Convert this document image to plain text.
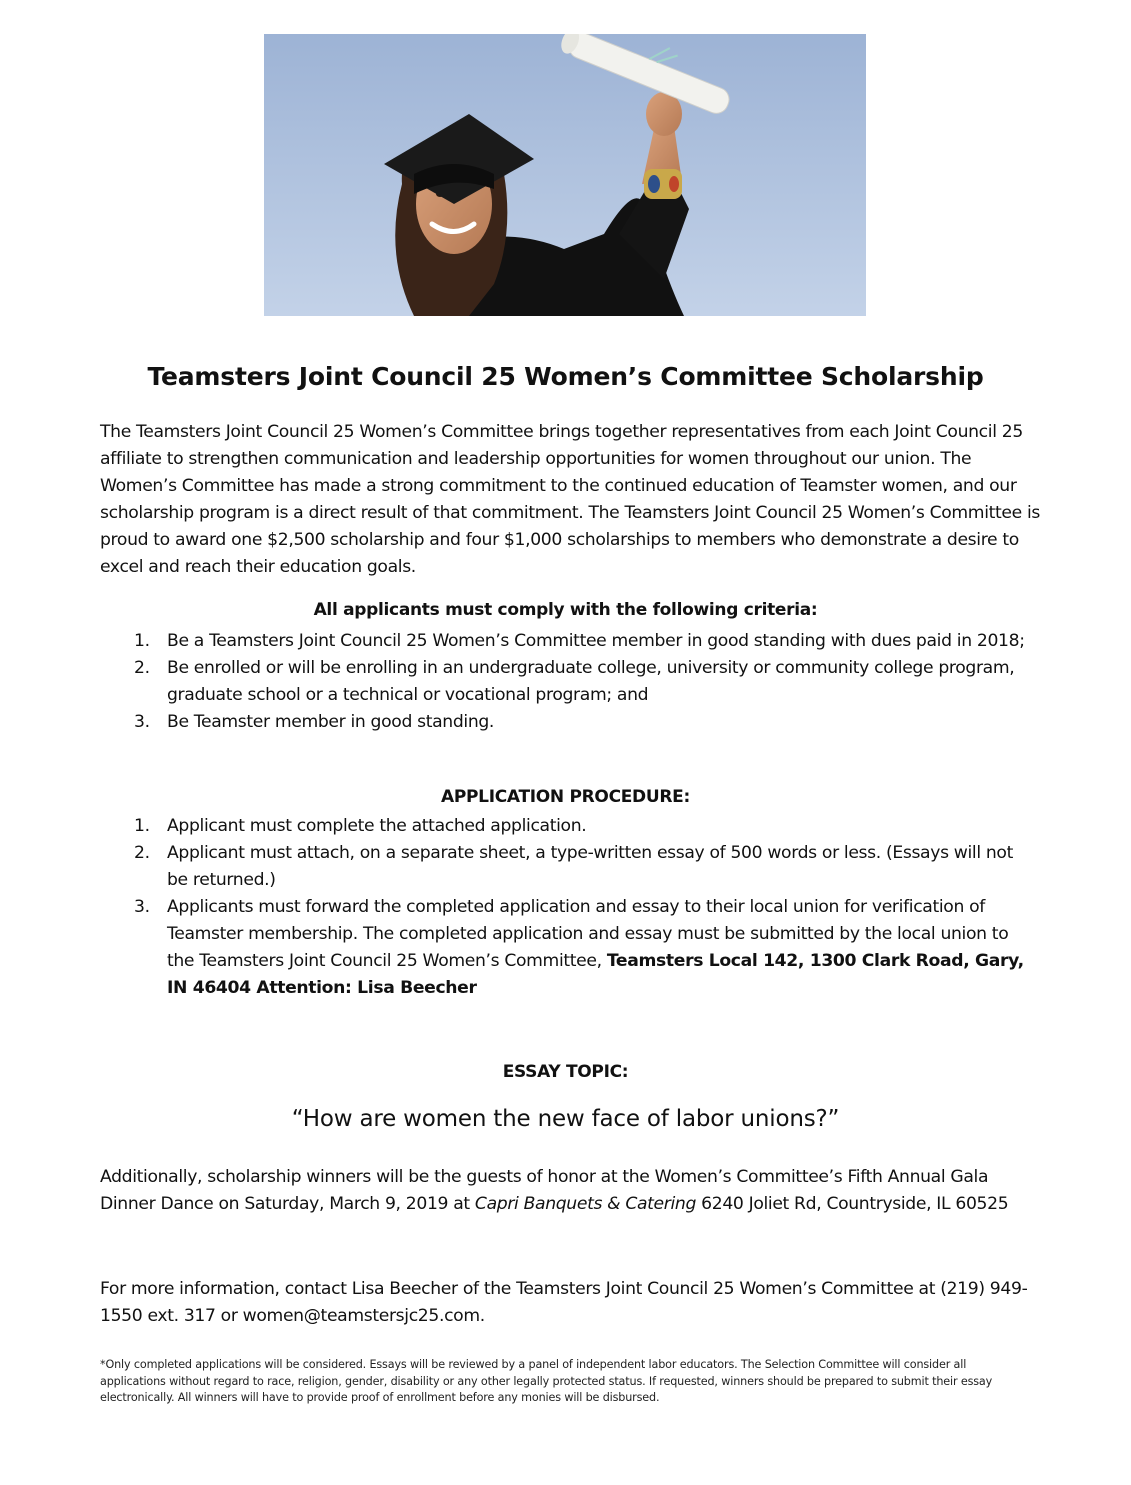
Teamsters Joint Council 25 Women’s Committee Scholarship
The Teamsters Joint Council 25 Women’s Committee brings together representatives from each Joint Council 25 affiliate to strengthen communication and leadership opportunities for women throughout our union. The Women’s Committee has made a strong commitment to the continued education of Teamster women, and our scholarship program is a direct result of that commitment. The Teamsters Joint Council 25 Women’s Committee is proud to award one $2,500 scholarship and four $1,000 scholarships to members who demonstrate a desire to excel and reach their education goals.
All applicants must comply with the following criteria:
1. Be a Teamsters Joint Council 25 Women’s Committee member in good standing with dues paid in 2018;
2. Be enrolled or will be enrolling in an undergraduate college, university or community college program, graduate school or a technical or vocational program; and
3. Be Teamster member in good standing.
APPLICATION PROCEDURE:
1. Applicant must complete the attached application.
2. Applicant must attach, on a separate sheet, a type-written essay of 500 words or less. (Essays will not be returned.)
3. Applicants must forward the completed application and essay to their local union for verification of Teamster membership. The completed application and essay must be submitted by the local union to the Teamsters Joint Council 25 Women’s Committee, Teamsters Local 142, 1300 Clark Road, Gary, IN 46404 Attention: Lisa Beecher
ESSAY TOPIC:
“How are women the new face of labor unions?”
Additionally, scholarship winners will be the guests of honor at the Women’s Committee’s Fifth Annual Gala Dinner Dance on Saturday, March 9, 2019 at Capri Banquets & Catering 6240 Joliet Rd, Countryside, IL 60525
For more information, contact Lisa Beecher of the Teamsters Joint Council 25 Women’s Committee at (219) 949-1550 ext. 317 or women@teamstersjc25.com.
*Only completed applications will be considered. Essays will be reviewed by a panel of independent labor educators. The Selection Committee will consider all applications without regard to race, religion, gender, disability or any other legally protected status. If requested, winners should be prepared to submit their essay electronically. All winners will have to provide proof of enrollment before any monies will be disbursed.
